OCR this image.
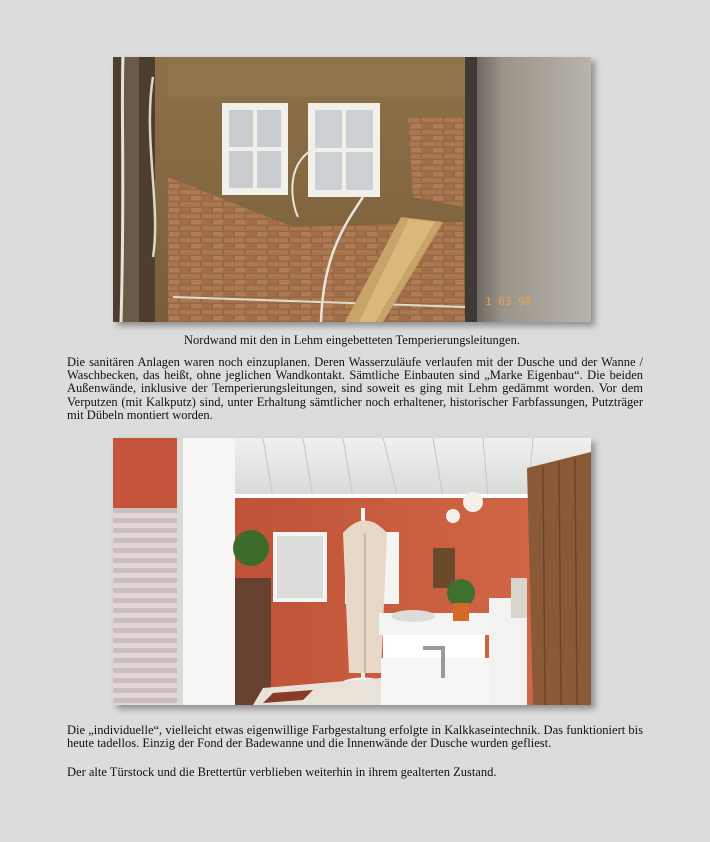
1 03 98
Nordwand mit den in Lehm eingebetteten Temperierungsleitungen.

Die sanitären Anlagen waren noch einzuplanen. Deren Wasserzuläufe verlaufen mit der Dusche und der Wanne / Waschbecken, das heißt, ohne jeglichen Wandkontakt. Sämtliche Einbauten sind „Marke Eigenbau“. Die beiden Außenwände, inklusive der Temperierungsleitungen, sind soweit es ging mit Lehm gedämmt worden. Vor dem Verputzen (mit Kalkputz) sind, unter Erhaltung sämtlicher noch erhaltener, historischer Farbfassungen, Putzträger mit Dübeln montiert worden.

Die „individuelle“, vielleicht etwas eigenwillige Farbgestaltung erfolgte in Kalkkaseintechnik. Das funktioniert bis heute tadellos. Einzig der Fond der Badewanne und die Innenwände der Dusche wurden gefliest.

Der alte Türstock und die Brettertür verblieben weiterhin in ihrem gealterten Zustand.
